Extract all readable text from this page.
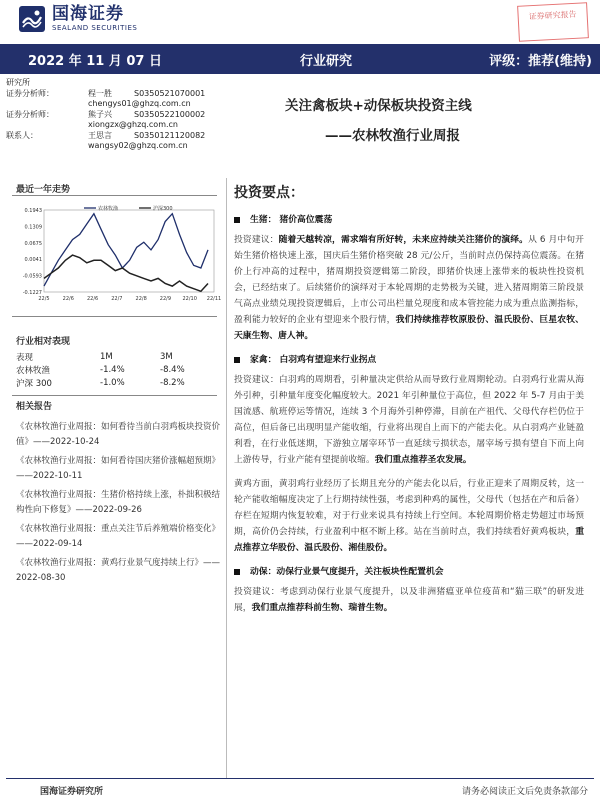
国海证券
SEALAND SECURITIES
证券研究报告
2022 年 11 月 07 日	行业研究	评级：推荐(维持)
研究所
证券分析师：	程一胜	S0350521070001
chengys01@ghzq.com.cn
证券分析师：	熊子兴	S0350522100002
xiongzx@ghzq.com.cn
联系人：	王思言	S0350121120082
wangsy02@ghzq.com.cn
关注禽板块+动保板块投资主线
——农林牧渔行业周报
最近一年走势
0.1943
0.1309
0.0675
0.0041
-0.0593
-0.1227
22/5	22/6	22/6	22/7	22/8	22/9 22/10 22/11
农林牧渔	沪深300
行业相对表现
表现	1M	3M
农林牧渔	-1.4%	-8.4%
沪深 300	-1.0%	-8.2%
相关报告
《农林牧渔行业周报：如何看待当前白羽鸡板块投资价值》——2022-10-24
《农林牧渔行业周报：如何看待国庆猪价涨幅超预期》——2022-10-11
《农林牧渔行业周报：生猪价格持续上涨，朴拙积极结构性向下修复》——2022-09-26
《农林牧渔行业周报：重点关注节后养殖端价格变化》——2022-09-14
《农林牧渔行业周报：黄鸡行业景气度持续上行》——2022-08-30
投资要点：
生猪： 猪价高位震荡

投资建议：随着天越转凉，需求端有所好转，未来应持续关注猪价的演绎。从 6 月中旬开始生猪价格快速上涨，国庆后生猪价格突破 28 元/公斤，当前时点仍保持高位震荡。在猪价上行冲高的过程中，猪周期投资逻辑第二阶段，即猪价快速上涨带来的板块性投资机会，已经结束了。后续猪价的演绎对于本轮周期的走势极为关键，进入猪周期第三阶段景气高点业绩兑现投资逻辑后，上市公司出栏量兑现度和成本管控能力成为重点监测指标，盈利能力较好的企业有望迎来个股行情，我们持续推荐牧原股份、温氏股份、巨星农牧、天康生物、唐人神。

家禽： 白羽鸡有望迎来行业拐点

投资建议：白羽鸡的周期看，引种量决定供给从而导致行业周期轮动。白羽鸡行业需从海外引种，引种量年度变化幅度较大。2021 年引种量位于高位，但 2022 年 5-7 月由于美国流感、航班停运等情况，连续 3 个月海外引种停滞，目前在产祖代、父母代存栏仍位于高位，但后备已出现明显产能收缩，行业将出现自上而下的产能去化。从白羽鸡产业链盈利看，在行业低迷期，下游独立屠宰环节一直延续亏损状态，屠宰场亏损有望自下而上向上游传导，行业产能有望提前收缩。我们重点推荐圣农发展。

黄鸡方面，黄羽鸡行业经历了长期且充分的产能去化以后，行业正迎来了周期反转，这一轮产能收缩幅度决定了上行期持续性强，考虑到种鸡的属性，父母代（包括在产和后备）存栏在短期内恢复较难，对于行业来说具有持续上行空间。本轮周期价格走势超过市场预期，高价仍会持续，行业盈利中枢不断上移。站在当前时点，我们持续看好黄鸡板块，重点推荐立华股份、温氏股份、湘佳股份。

动保：动保行业景气度提升，关注板块性配置机会

投资建议：考虑到动保行业景气度提升，以及非洲猪瘟亚单位疫苗和“猫三联”的研发进展，我们重点推荐科前生物、瑞普生物。

国海证券研究所	请务必阅读正文后免责条款部分
